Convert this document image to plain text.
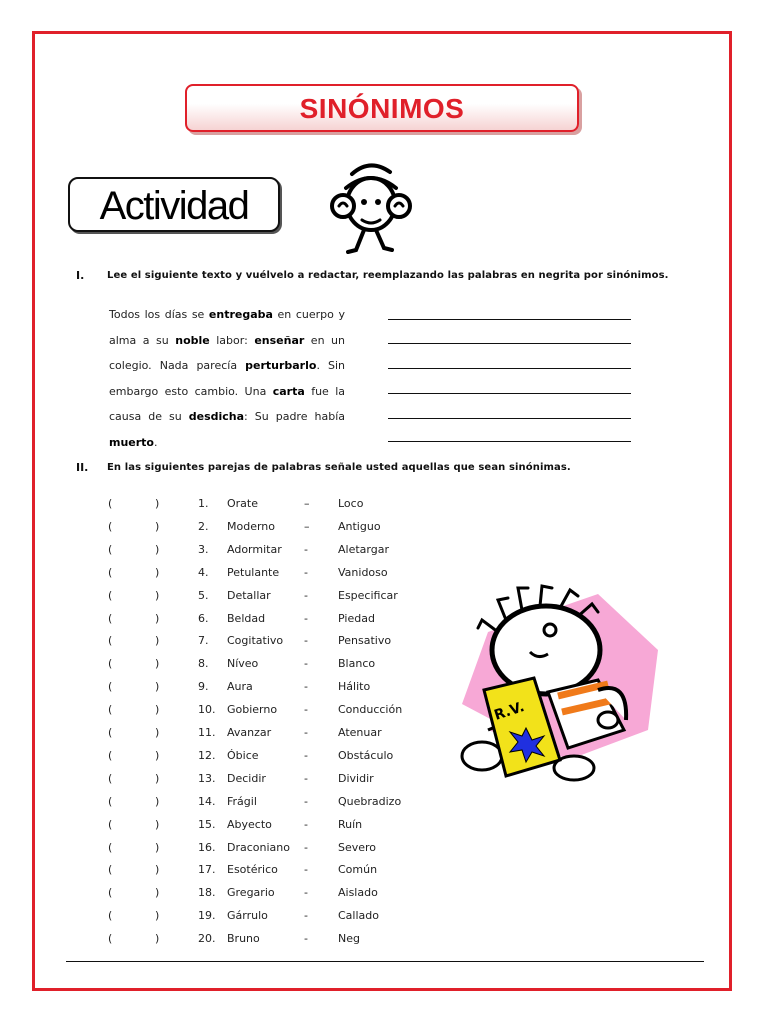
SINÓNIMOS
Actividad
I. Lee el siguiente texto y vuélvelo a redactar, reemplazando las palabras en negrita por sinónimos.
Todos los días se entregaba en cuerpo y alma a su noble labor: enseñar en un colegio. Nada parecía perturbarlo. Sin embargo esto cambio. Una carta fue la causa de su desdicha: Su padre había muerto.
II. En las siguientes parejas de palabras señale usted aquellas que sean sinónimas.
(	)	1. Orate	–	Loco
(	)	2. Moderno	–	Antiguo
(	)	3. Adormitar -	Aletargar
(	)	4. Petulante -	Vanidoso
(	)	5. Detallar	-	Especificar
(	)	6. Beldad	-	Piedad
(	)	7. Cogitativo -	Pensativo
(	)	8. Níveo	-	Blanco
(	)	9. Aura	-	Hálito
(	)	10. Gobierno -	Conducción
(	)	11. Avanzar	-	Atenuar
(	)	12. Óbice	-	Obstáculo
(	)	13. Decidir	-	Dividir
(	)	14. Frágil	-	Quebradizo
(	)	15. Abyecto	-	Ruín
(	)	16. Draconiano -	Severo
(	)	17. Esotérico -	Común
(	)	18. Gregario	-	Aislado
(	)	19. Gárrulo	-	Callado
(	)	20. Bruno	-	Neg
R.V.
